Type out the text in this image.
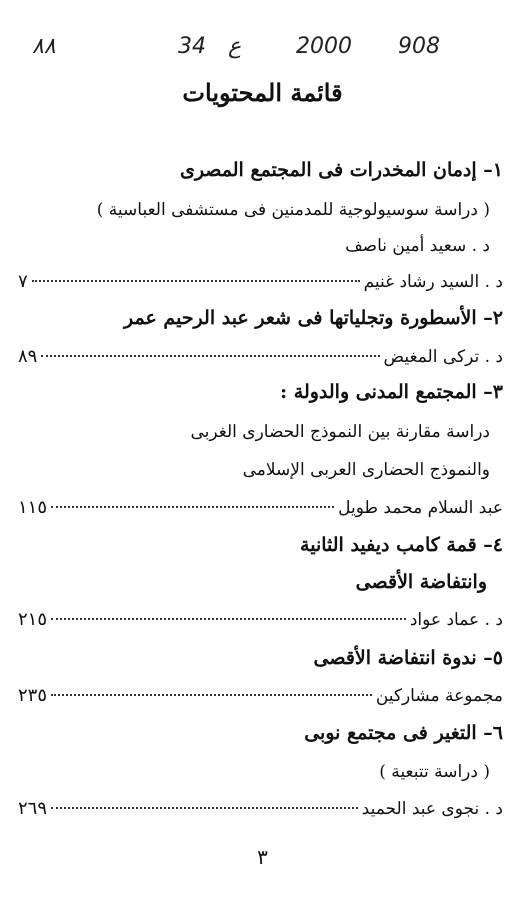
٨٨	34 ع 2000 908
قائمة المحتويات
١– إدمان المخدرات فى المجتمع المصرى
( دراسة سوسيولوجية للمدمنين فى مستشفى العباسية )
د . سعيد أمين ناصف
د . السيد رشاد غنيم
٧
٢– الأسطورة وتجلياتها فى شعر عبد الرحيم عمر
د . تركى المغيض
٨٩
٣– المجتمع المدنى والدولة :
دراسة مقارنة بين النموذج الحضارى الغربى
والنموذج الحضارى العربى الإسلامى
عبد السلام محمد طويل
١١٥
٤– قمة كامب ديفيد الثانية
وانتفاضة الأقصى
د . عماد عواد
٢١٥
٥– ندوة انتفاضة الأقصى
مجموعة مشاركين
٢٣٥
٦– التغير فى مجتمع نوبى
( دراسة تتبعية )
د . نجوى عبد الحميد
٢٦٩
٣
